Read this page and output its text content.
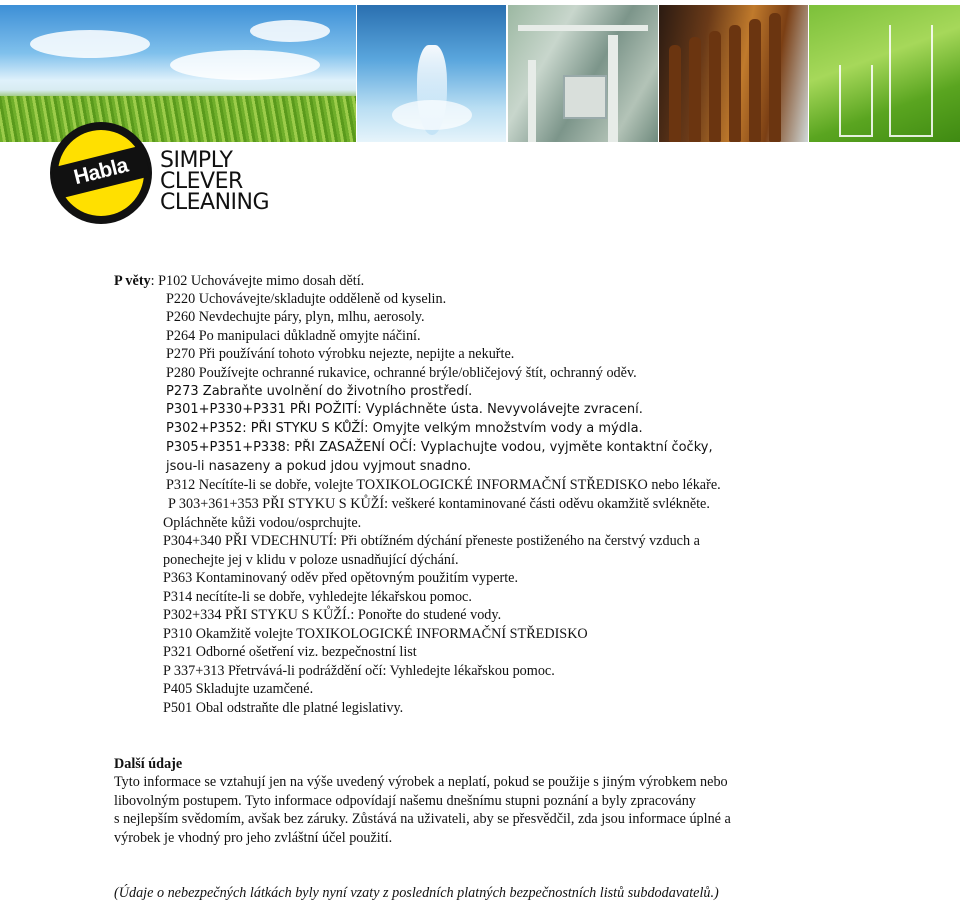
Habla SIMPLY
CLEVER
CLEANING
P věty: P102 Uchovávejte mimo dosah dětí.
P220 Uchovávejte/skladujte odděleně od kyselin.
P260 Nevdechujte páry, plyn, mlhu, aerosoly.
P264 Po manipulaci důkladně omyjte náčiní.
P270 Při používání tohoto výrobku nejezte, nepijte a nekuřte.
P280 Používejte ochranné rukavice, ochranné brýle/obličejový štít, ochranný oděv.
P273 Zabraňte uvolnění do životního prostředí.
P301+P330+P331 PŘI POŽITÍ: Vypláchněte ústa. Nevyvolávejte zvracení.
P302+P352: PŘI STYKU S KŮŽÍ: Omyjte velkým množstvím vody a mýdla.
P305+P351+P338: PŘI ZASAŽENÍ OČÍ: Vyplachujte vodou, vyjměte kontaktní čočky,
jsou-li nasazeny a pokud jdou vyjmout snadno.
P312 Necítíte-li se dobře, volejte TOXIKOLOGICKÉ INFORMAČNÍ STŘEDISKO nebo lékaře.
P 303+361+353 PŘI STYKU S KŮŽÍ: veškeré kontaminované části oděvu okamžitě svlékněte.
Opláchněte kůži vodou/osprchujte.
P304+340 PŘI VDECHNUTÍ: Při obtížném dýchání přeneste postiženého na čerstvý vzduch a
ponechejte jej v klidu v poloze usnadňující dýchání.
P363 Kontaminovaný oděv před opětovným použitím vyperte.
P314 necítíte-li se dobře, vyhledejte lékařskou pomoc.
P302+334 PŘI STYKU S KŮŽÍ.: Ponořte do studené vody.
P310 Okamžitě volejte TOXIKOLOGICKÉ INFORMAČNÍ STŘEDISKO
P321 Odborné ošetření viz. bezpečnostní list
P 337+313 Přetrvává-li podráždění očí: Vyhledejte lékařskou pomoc.
P405 Skladujte uzamčené.
P501 Obal odstraňte dle platné legislativy.
Další údaje
Tyto informace se vztahují jen na výše uvedený výrobek a neplatí, pokud se použije s jiným výrobkem nebo
libovolným postupem. Tyto informace odpovídají našemu dnešnímu stupni poznání a byly zpracovány
s nejlepším svědomím, avšak bez záruky. Zůstává na uživateli, aby se přesvědčil, zda jsou informace úplné a
výrobek je vhodný pro jeho zvláštní účel použití.
(Údaje o nebezpečných látkách byly nyní vzaty z posledních platných bezpečnostních listů subdodavatelů.)
